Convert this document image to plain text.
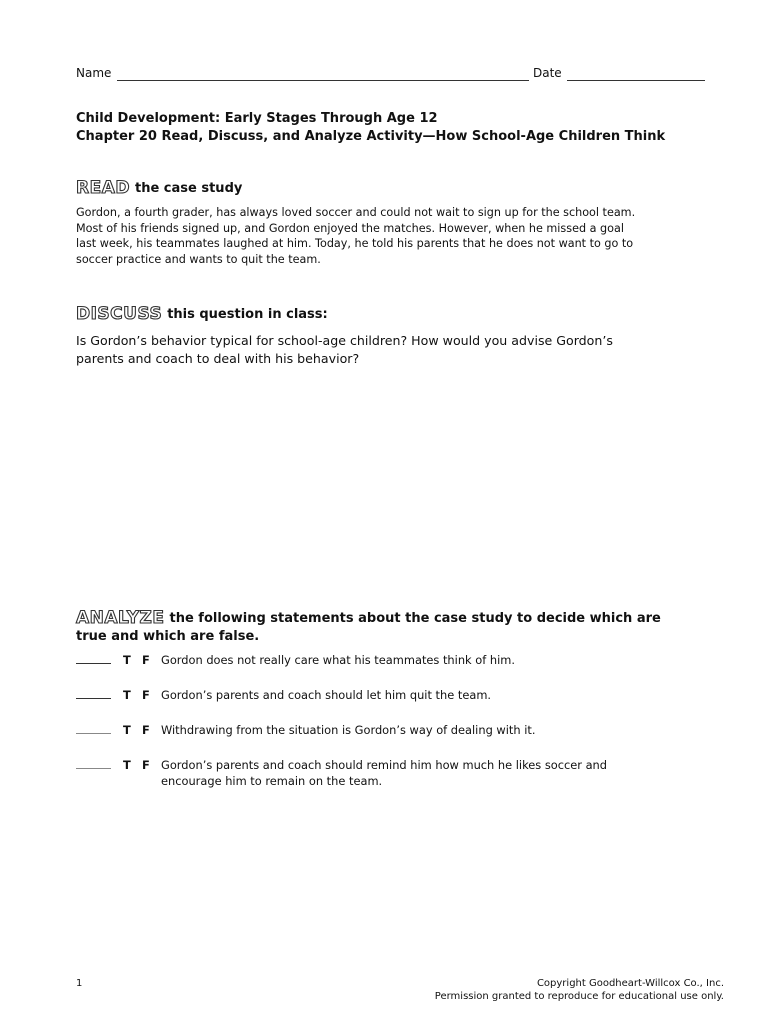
Name	Date
Child Development: Early Stages Through Age 12
Chapter 20 Read, Discuss, and Analyze Activity—How School-Age Children Think
READ the case study
Gordon, a fourth grader, has always loved soccer and could not wait to sign up for the school team.
Most of his friends signed up, and Gordon enjoyed the matches. However, when he missed a goal
last week, his teammates laughed at him. Today, he told his parents that he does not want to go to
soccer practice and wants to quit the team.
DISCUSS this question in class:
Is Gordon’s behavior typical for school-age children? How would you advise Gordon’s
parents and coach to deal with his behavior?
ANALYZE the following statements about the case study to decide which are
true and which are false.
T F Gordon does not really care what his teammates think of him.
T F Gordon’s parents and coach should let him quit the team.
T F Withdrawing from the situation is Gordon’s way of dealing with it.
T F Gordon’s parents and coach should remind him how much he likes soccer and
encourage him to remain on the team.
1	Copyright Goodheart-Willcox Co., Inc.
Permission granted to reproduce for educational use only.
